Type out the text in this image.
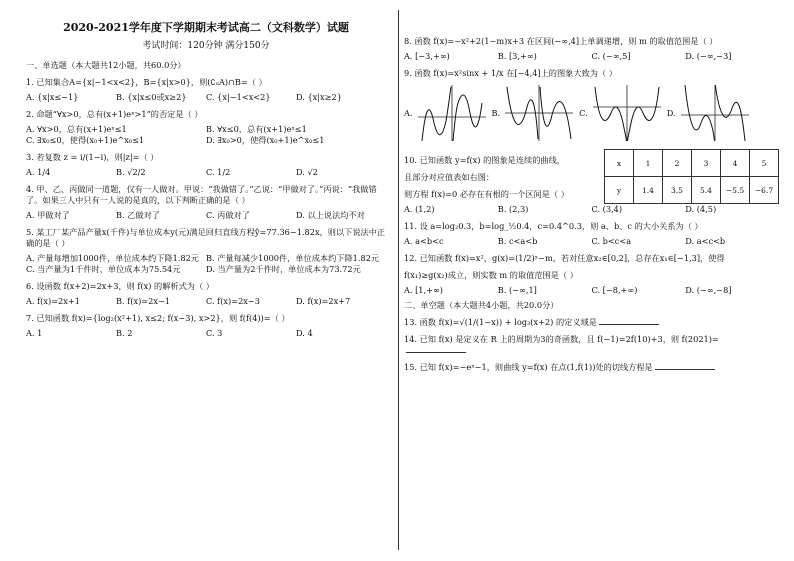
2020-2021学年度下学期期末考试高二（文科数学）试题
考试时间：120分钟 满分150分
一、单选题（本大题共12小题，共60.0分）
1. 已知集合A={x|−1<x<2}，B={x|x>0}，则(∁ᵤA)∩B=（ ）
A. {x|x≤−1}	B. {x|x≤0或x≥2}	C. {x|−1<x<2}	D. {x|x≥2}
2. 命题“∀x>0，总有(x+1)eˣ>1”的否定是（ ）
A. ∀x>0，总有(x+1)eˣ≤1	B. ∀x≤0，总有(x+1)eˣ≤1
C. ∃x₀≤0，使得(x₀+1)e^x₀≤1	D. ∃x₀>0，使得(x₀+1)e^x₀≤1
3. 若复数 z = i/(1−i)，则|z|=（ ）
A. 1/4	B. √2/2	C. 1/2	D. √2
4. 甲、乙、丙做同一道题，仅有一人做对。甲说：“我做错了。”乙说：“甲做对了。”丙说：“我做错了。如果三人中只有一人说的是真的，以下判断正确的是（ ）
A. 甲做对了	B. 乙做对了	C. 丙做对了	D. 以上说法均不对
5. 某工厂某产品产量x(千件)与单位成本y(元)满足回归直线方程ŷ=77.36−1.82x，则以下说法中正确的是（ ）
A. 产量每增加1000件，单位成本约下降1.82元 B. 产量每减少1000件，单位成本约下降1.82元
C. 当产量为1千件时，单位成本为75.54元	D. 当产量为2千件时，单位成本为73.72元
6. 设函数 f(x+2)=2x+3，则 f(x) 的解析式为（ ）
A. f(x)=2x+1	B. f(x)=2x−1	C. f(x)=2x−3	D. f(x)=2x+7
7. 已知函数 f(x)={log₂(x²+1), x≤2; f(x−3), x>2}，则 f(f(4))=（ ）
A. 1	B. 2	C. 3	D. 4
8. 函数 f(x)=−x²+2(1−m)x+3 在区间(−∞,4]上单调递增，则 m 的取值范围是（ ）
A. [−3,+∞)	B. [3,+∞)	C. (−∞,5]	D. (−∞,−3]
9. 函数 f(x)=x²sinx + 1/x 在[−4,4]上的图象大致为（ ）
A.	B.	C.	D.
10. 已知函数 y=f(x) 的图象是连续的曲线，
且部分对应值表如右图：
则方程 f(x)=0 必存在有根的一个区间是（ ）
x	1	2	3	4	5
y	1.4	3.5	5.4	−5.5	−6.7
A. (1,2)	B. (2,3)	C. (3,4)	D. (4,5)
11. 设 a=log₂0.3，b=log_½0.4，c=0.4^0.3，则 a、b、c 的大小关系为（ ）
A. a<b<c	B. c<a<b	C. b<c<a	D. a<c<b
12. 已知函数 f(x)=x²，g(x)=(1/2)ˣ−m，若对任意x₂∈[0,2]，总存在x₁∈[−1,3]，使得
f(x₁)≥g(x₂)成立，则实数 m 的取值范围是（ ）
A. [1,+∞)	B. (−∞,1]	C. [−8,+∞)	D. (−∞,−8]
二、单空题（本大题共4小题，共20.0分）
13. 函数 f(x)=√(1/(1−x)) + log₃(x+2) 的定义域是
14. 已知 f(x) 是定义在 R 上的周期为3的奇函数，且 f(−1)=2f(10)+3，则 f(2021)=

15. 已知 f(x)=−eˣ−1，则曲线 y=f(x) 在点(1,f(1))处的切线方程是
